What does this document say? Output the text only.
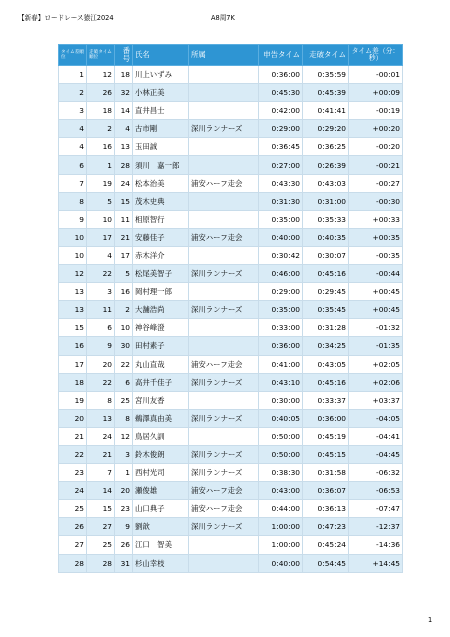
【新春】ロードレース猿江2024	A8周7K
タイム差順位	走破タイム順位	番号	氏名	所属	申告タイム	走破タイム	タイム差（分：秒）
1	12	18	川上いずみ		0:36:00	0:35:59	-00:01
2	26	32	小林正美		0:45:30	0:45:39	+00:09
3	18	14	直井昌士		0:42:00	0:41:41	-00:19
4	2	4	古市剛	深川ランナーズ	0:29:00	0:29:20	+00:20
4	16	13	玉田誠		0:36:45	0:36:25	-00:20
6	1	28	須川　嘉一郎		0:27:00	0:26:39	-00:21
7	19	24	松本治美	浦安ハーフ走会	0:43:30	0:43:03	-00:27
8	5	15	茂木史典		0:31:30	0:31:00	-00:30
9	10	11	相原智行		0:35:00	0:35:33	+00:33
10	17	21	安藤佳子	浦安ハーフ走会	0:40:00	0:40:35	+00:35
10	4	17	赤木洋介		0:30:42	0:30:07	-00:35
12	22	5	松尾美智子	深川ランナーズ	0:46:00	0:45:16	-00:44
13	3	16	岡村理一郎		0:29:00	0:29:45	+00:45
13	11	2	大舗浩尚	深川ランナーズ	0:35:00	0:35:45	+00:45
15	6	10	神谷峰澄		0:33:00	0:31:28	-01:32
16	9	30	田村素子		0:36:00	0:34:25	-01:35
17	20	22	丸山直哉	浦安ハーフ走会	0:41:00	0:43:05	+02:05
18	22	6	高井千佳子	深川ランナーズ	0:43:10	0:45:16	+02:06
19	8	25	宮川友香		0:30:00	0:33:37	+03:37
20	13	8	鵜澤真由美	深川ランナーズ	0:40:05	0:36:00	-04:05
21	24	12	鳥居久訓		0:50:00	0:45:19	-04:41
22	21	3	鈴木俊朗	深川ランナーズ	0:50:00	0:45:15	-04:45
23	7	1	西村光司	深川ランナーズ	0:38:30	0:31:58	-06:32
24	14	20	瀬俊雄	浦安ハーフ走会	0:43:00	0:36:07	-06:53
25	15	23	山口典子	浦安ハーフ走会	0:44:00	0:36:13	-07:47
26	27	9	劉歆	深川ランナーズ	1:00:00	0:47:23	-12:37
27	25	26	江口　智美		1:00:00	0:45:24	-14:36
28	28	31	杉山幸枝		0:40:00	0:54:45	+14:45
1
